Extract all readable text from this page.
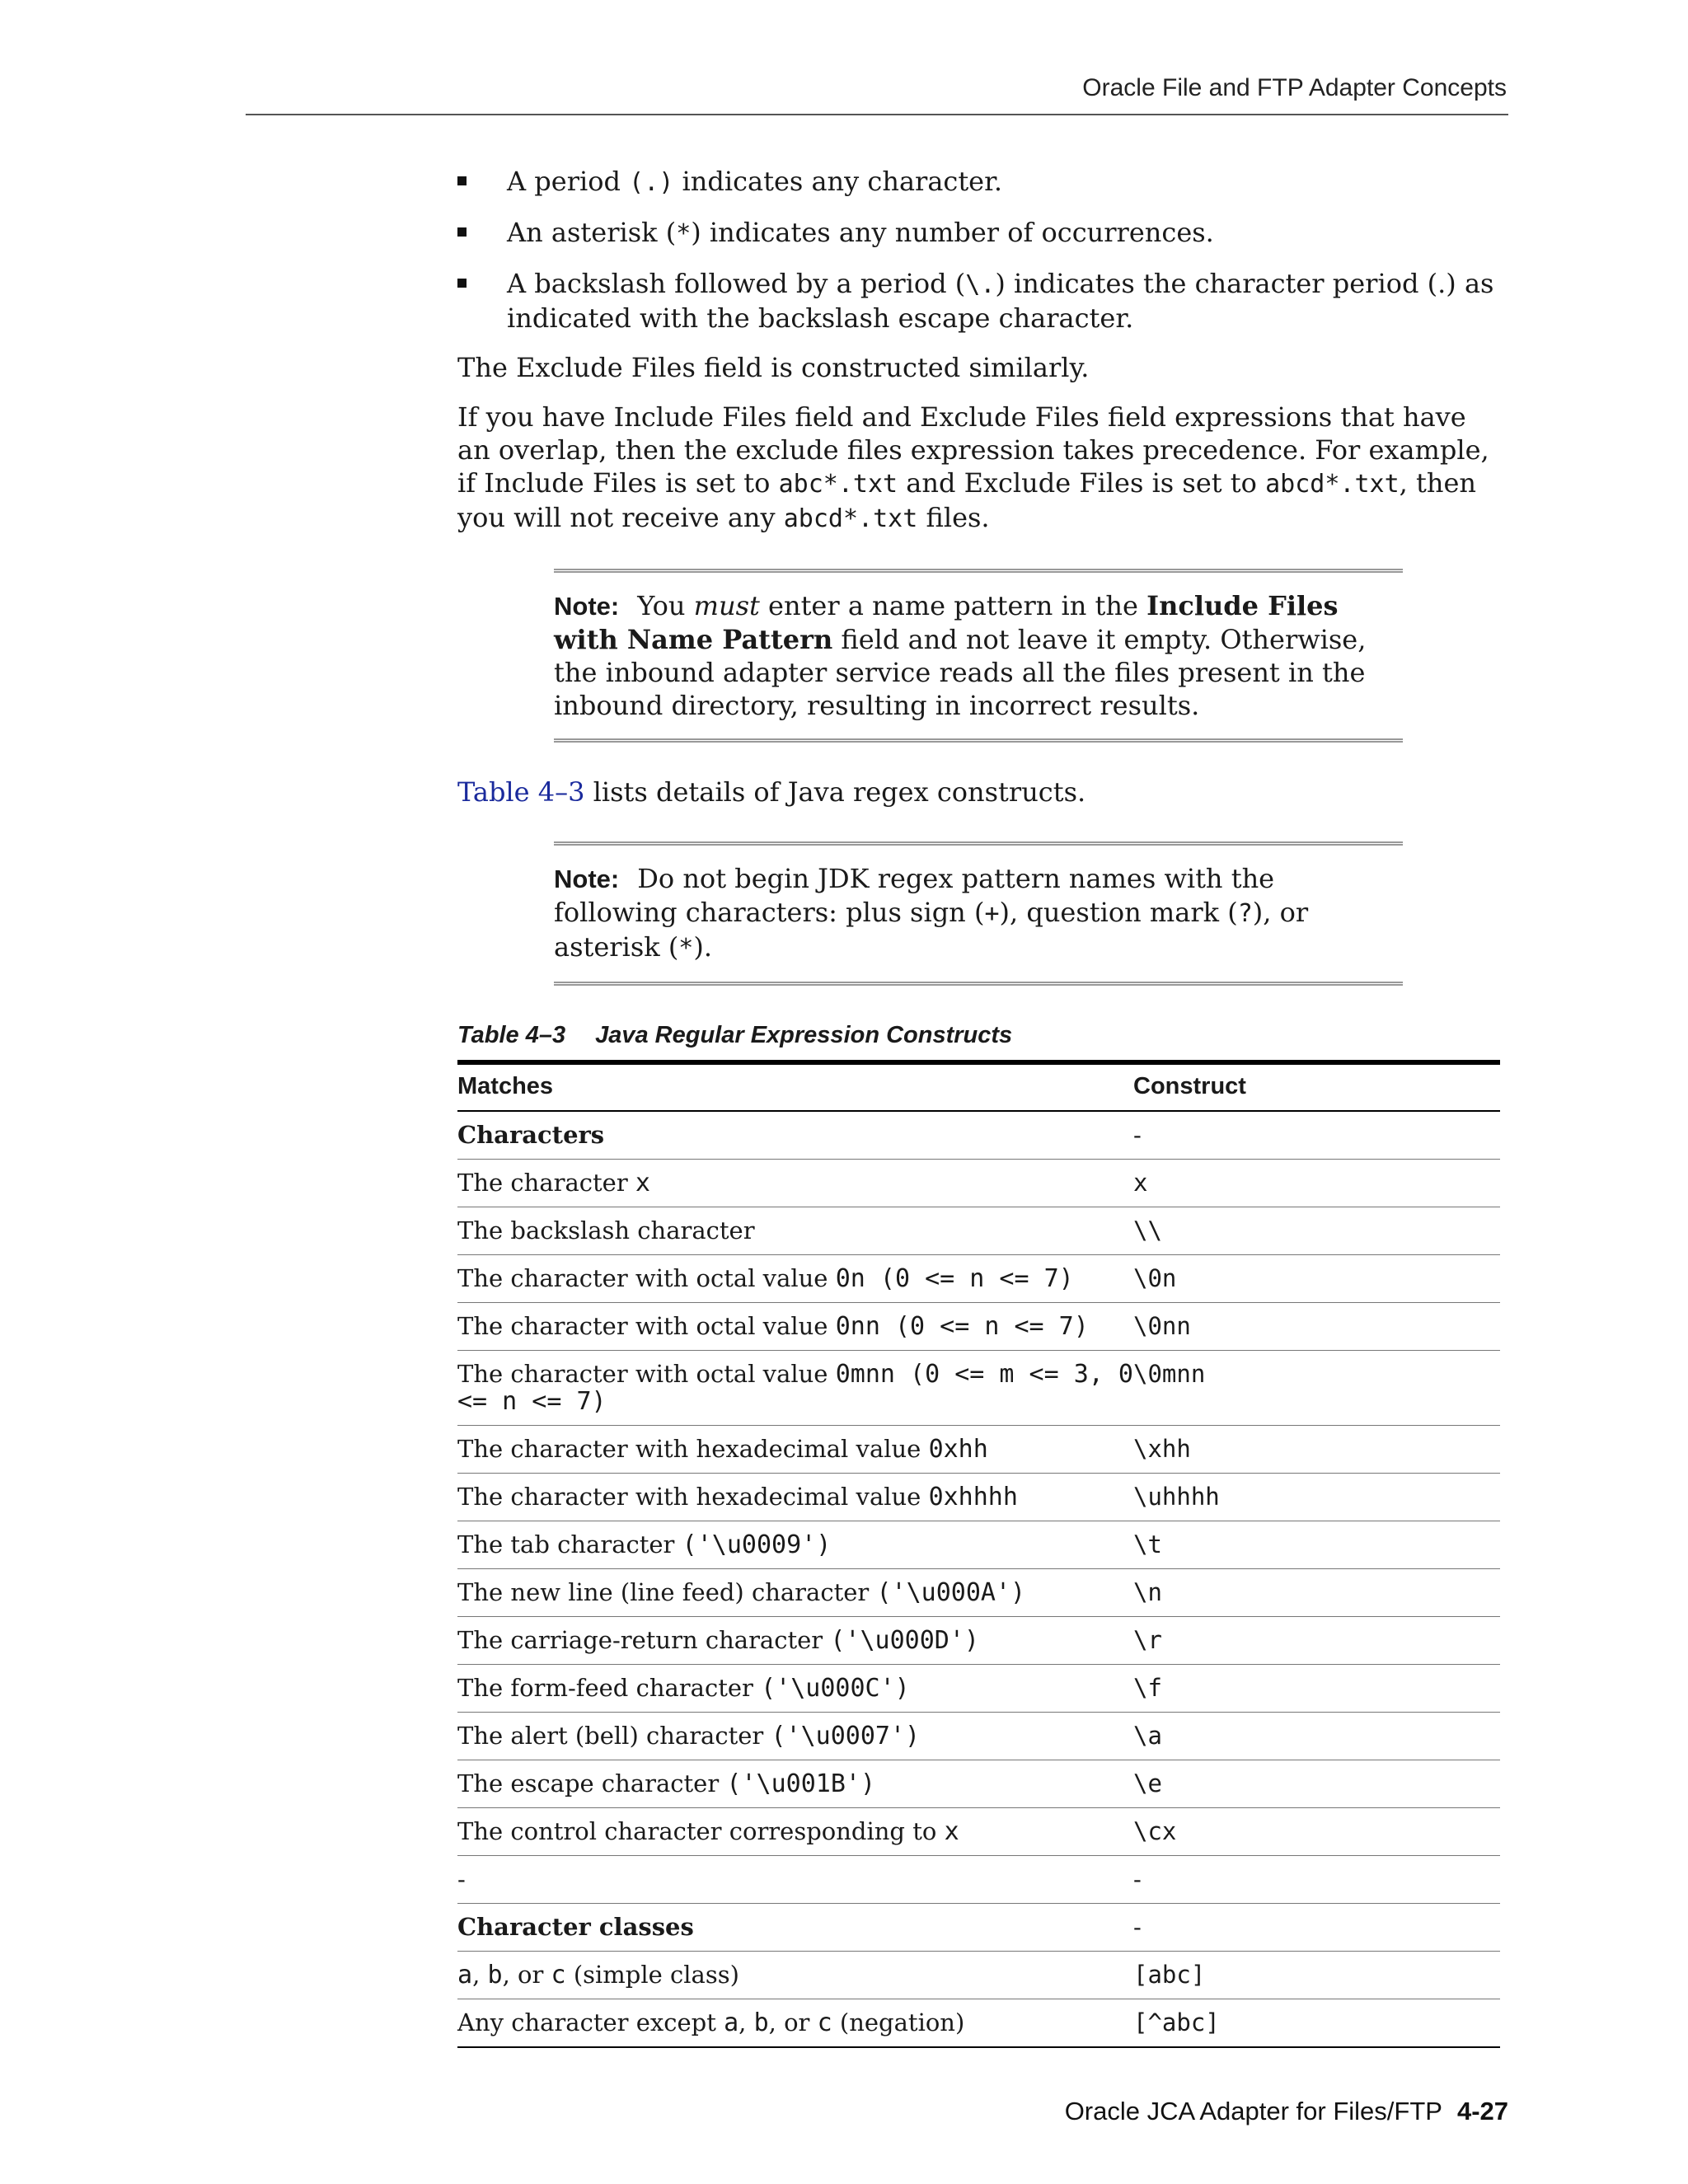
Oracle File and FTP Adapter Concepts
A period (.) indicates any character.
An asterisk (*) indicates any number of occurrences.
A backslash followed by a period (\.) indicates the character period (.) as indicated with the backslash escape character.

The Exclude Files field is constructed similarly.

If you have Include Files field and Exclude Files field expressions that have an overlap, then the exclude files expression takes precedence. For example, if Include Files is set to abc*.txt and Exclude Files is set to abcd*.txt, then you will not receive any abcd*.txt files.

Note: You must enter a name pattern in the Include Files with Name Pattern field and not leave it empty. Otherwise, the inbound adapter service reads all the files present in the inbound directory, resulting in incorrect results.

Table 4–3 lists details of Java regex constructs.

Note: Do not begin JDK regex pattern names with the following characters: plus sign (+), question mark (?), or asterisk (*).
Table 4–3 Java Regular Expression Constructs
Matches	Construct
Characters	-
The character x	x
The backslash character	\\
The character with octal value 0n (0 <= n <= 7)	\0n
The character with octal value 0nn (0 <= n <= 7)	\0nn
The character with octal value 0mnn (0 <= m <= 3, 0 <= n <= 7)	\0mnn
The character with hexadecimal value 0xhh	\xhh
The character with hexadecimal value 0xhhhh	\uhhhh
The tab character ('\u0009')	\t
The new line (line feed) character ('\u000A')	\n
The carriage-return character ('\u000D')	\r
The form-feed character ('\u000C')	\f
The alert (bell) character ('\u0007')	\a
The escape character ('\u001B')	\e
The control character corresponding to x	\cx
-	-
Character classes	-
a, b, or c (simple class)	[abc]
Any character except a, b, or c (negation)	[^abc]
Oracle JCA Adapter for Files/FTP 4-27
